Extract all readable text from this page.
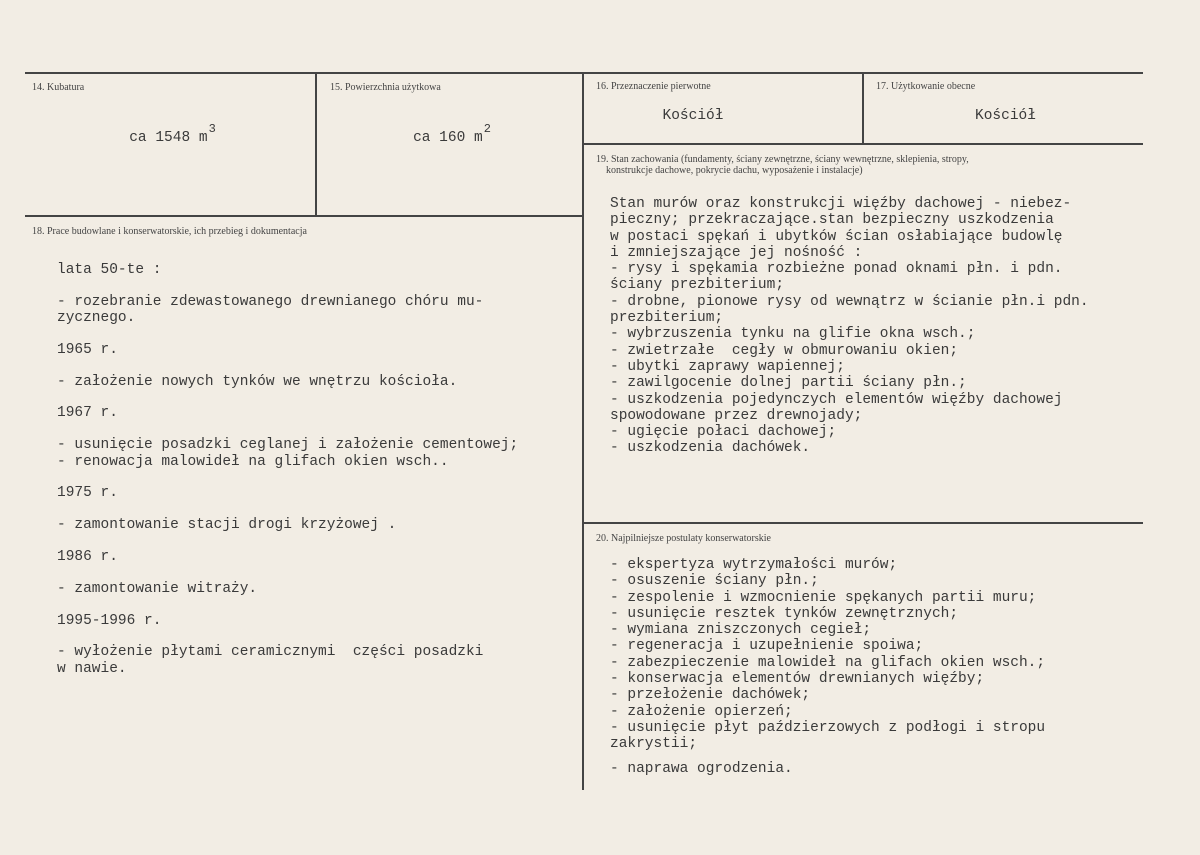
14. Kubatura
ca 1548 $m^3$
15. Powierzchnia użytkowa
ca 160 $m^2$
16. Przeznaczenie pierwotne
Kościół
17. Użytkowanie obecne
Kościół
18. Prace budowlane i konserwatorskie, ich przebieg i dokumentacja

lata 50-te :

- rozebranie zdewastowanego drewnianego chóru mu-

zycznego.

1965 r.

- założenie nowych tynków we wnętrzu kościoła.

1967 r.

- usunięcie posadzki ceglanej i założenie cementowej;

- renowacja malowideł na glifach okien wsch..

1975 r.

- zamontowanie stacji drogi krzyżowej .

1986 r.

- zamontowanie witraży.

1995-1996 r.

- wyłożenie płytami ceramicznymi  części posadzki

w nawie.

19. Stan zachowania (fundamenty, ściany zewnętrzne, ściany wewnętrzne, sklepienia, stropy,
konstrukcje dachowe, pokrycie dachu, wyposażenie i instalacje)
Stan murów oraz konstrukcji więźby dachowej - niebez-
pieczny; przekraczające.stan bezpieczny uszkodzenia
w postaci spękań i ubytków ścian osłabiające budowlę
i zmniejszające jej nośność :
- rysy i spękamia rozbieżne ponad oknami płn. i pdn.
ściany prezbiterium;
- drobne, pionowe rysy od wewnątrz w ścianie płn.i pdn.
prezbiterium;
- wybrzuszenia tynku na glifie okna wsch.;
- zwietrzałe  cegły w obmurowaniu okien;
- ubytki zaprawy wapiennej;
- zawilgocenie dolnej partii ściany płn.;
- uszkodzenia pojedynczych elementów więźby dachowej
spowodowane przez drewnojady;
- ugięcie połaci dachowej;
- uszkodzenia dachówek.
20. Najpilniejsze postulaty konserwatorskie
- ekspertyza wytrzymałości murów;
- osuszenie ściany płn.;
- zespolenie i wzmocnienie spękanych partii muru;
- usunięcie resztek tynków zewnętrznych;
- wymiana zniszczonych cegieł;
- regeneracja i uzupełnienie spoiwa;
- zabezpieczenie malowideł na glifach okien wsch.;
- konserwacja elementów drewnianych więźby;
- przełożenie dachówek;
- założenie opierzeń;
- usunięcie płyt paździerzowych z podłogi i stropu
zakrystii;
- naprawa ogrodzenia.
